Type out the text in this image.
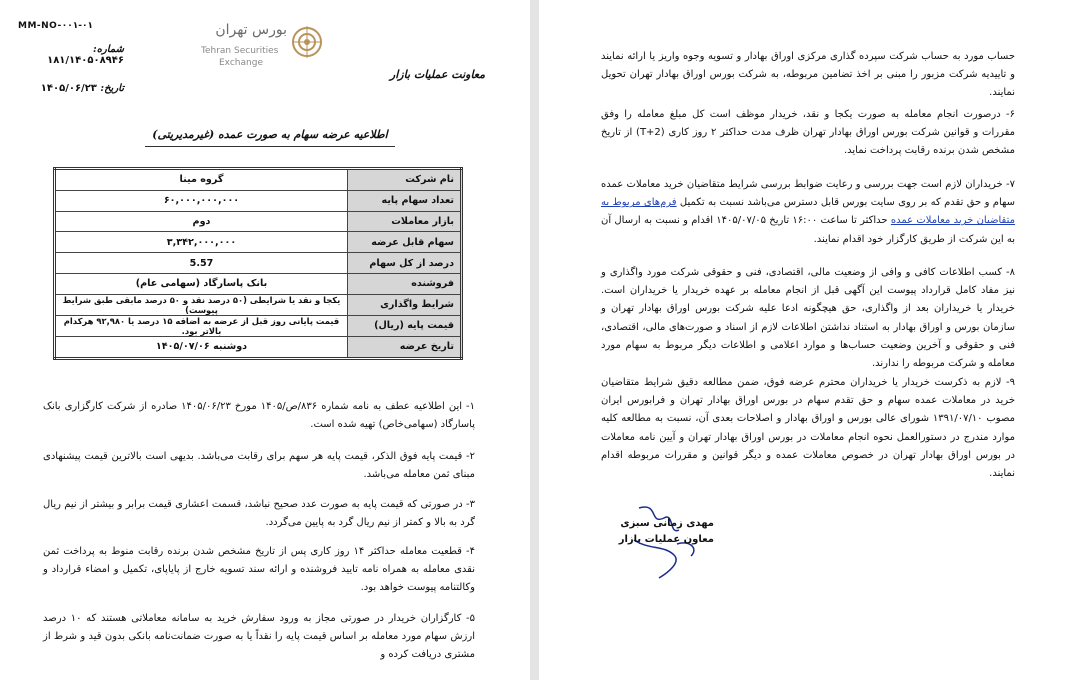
MM-NO-۰۰۱-۰۱
شماره: ۱۸۱/۱۴۰۵۰۸۹۴۶
تاریخ: ۱۴۰۵/۰۶/۲۳
بورس تهران
Tehran Securities
Exchange
معاونت عملیات بازار
اطلاعیه عرضه سهام به صورت عمده (غیرمدیریتی)
گروه مینا	نام شرکت
۶۰,۰۰۰,۰۰۰,۰۰۰	تعداد سهام پایه
دوم	بازار معاملات
۳,۳۴۲,۰۰۰,۰۰۰	سهام قابل عرضه
5.57	درصد از کل سهام
بانک پاسارگاد (سهامی عام)	فروشنده
یکجا و نقد یا شرایطی (۵۰ درصد نقد و ۵۰ درصد مابقی طبق شرایط پیوست)	شرایط واگذاری
قیمت پایانی روز قبل از عرضه به اضافه ۱۵ درصد یا ۹۲,۹۸۰ هرکدام بالاتر بود.	قیمت پایه (ریال)
دوشنبه ۱۴۰۵/۰۷/۰۶	تاریخ عرضه
۱- این اطلاعیه عطف به نامه شماره ۸۳۶/ص/۱۴۰۵ مورخ ۱۴۰۵/۰۶/۲۳ صادره از شرکت کارگزاری بانک پاسارگاد (سهامی‌خاص) تهیه شده است.
۲- قیمت پایه فوق الذکر، قیمت پایه هر سهم برای رقابت می‌باشد. بدیهی است بالاترین قیمت پیشنهادی مبنای ثمن معامله می‌باشد.
۳- در صورتی که قیمت پایه به صورت عدد صحیح نباشد، قسمت اعشاری قیمت برابر و بیشتر از نیم ریال گرد به بالا و کمتر از نیم ریال گرد به پایین می‌گردد.
۴- قطعیت معامله حداکثر ۱۴ روز کاری پس از تاریخ مشخص شدن برنده رقابت منوط به پرداخت ثمن نقدی معامله به همراه نامه تایید فروشنده و ارائه سند تسویه خارج از پایاپای، تکمیل و امضاء قرارداد و وکالتنامه پیوست خواهد بود.
۵- کارگزاران خریدار در صورتی مجاز به ورود سفارش خرید به سامانه معاملاتی هستند که ۱۰ درصد ارزش سهام مورد معامله بر اساس قیمت پایه را نقداً یا به صورت ضمانت‌نامه بانکی بدون قید و شرط از مشتری دریافت کرده و
حساب مورد به حساب شرکت سپرده گذاری مرکزی اوراق بهادار و تسویه وجوه واریز یا ارائه نمایند و تاییدیه شرکت مزبور را مبنی بر اخذ تضامین مربوطه، به شرکت بورس اوراق بهادار تهران تحویل نمایند.
۶- درصورت انجام معامله به صورت یکجا و نقد، خریدار موظف است کل مبلغ معامله را وفق مقررات و قوانین شرکت بورس اوراق بهادار تهران ظرف مدت حداکثر ۲ روز کاری (T+2) از تاریخ مشخص شدن برنده رقابت پرداخت نماید.
۷- خریداران لازم است جهت بررسی و رعایت ضوابط بررسی شرایط متقاضیان خرید معاملات عمده سهام و حق تقدم که بر روی سایت بورس قابل دسترس می‌باشد نسبت به تکمیل فرم‌های مربوط به متقاضیان خرید معاملات عمده حداکثر تا ساعت ۱۶:۰۰ تاریخ ۱۴۰۵/۰۷/۰۵ اقدام و نسبت به ارسال آن به این شرکت از طریق کارگزار خود اقدام نمایند.
۸- کسب اطلاعات کافی و وافی از وضعیت مالی، اقتصادی، فنی و حقوقی شرکت مورد واگذاری و نیز مفاد کامل قرارداد پیوست این آگهی قبل از انجام معامله بر عهده خریدار یا خریداران است. خریدار یا خریداران بعد از واگذاری، حق هیچگونه ادعا علیه شرکت بورس اوراق بهادار تهران و سازمان بورس و اوراق بهادار به استناد نداشتن اطلاعات لازم از اسناد و صورت‌های مالی، اقتصادی، فنی و حقوقی و آخرین وضعیت حساب‌ها و موارد اعلامی و اطلاعات دیگر مربوط به سهام مورد معامله و شرکت مربوطه را ندارند.
۹- لازم به ذکرست خریدار یا خریداران محترم عرضه فوق، ضمن مطالعه دقیق شرایط متقاضیان خرید در معاملات عمده سهام و حق تقدم سهام در بورس اوراق بهادار تهران و فرابورس ایران مصوب ۱۳۹۱/۰۷/۱۰ شورای عالی بورس و اوراق بهادار و اصلاحات بعدی آن، نسبت به مطالعه کلیه موارد مندرج در دستورالعمل نحوه انجام معاملات در بورس اوراق بهادار تهران و آیین نامه معاملات در بورس اوراق بهادار تهران در خصوص معاملات عمده و دیگر قوانین و مقررات مربوطه اقدام نمایند.
مهدی زمانی سبزی
معاون عملیات بازار
